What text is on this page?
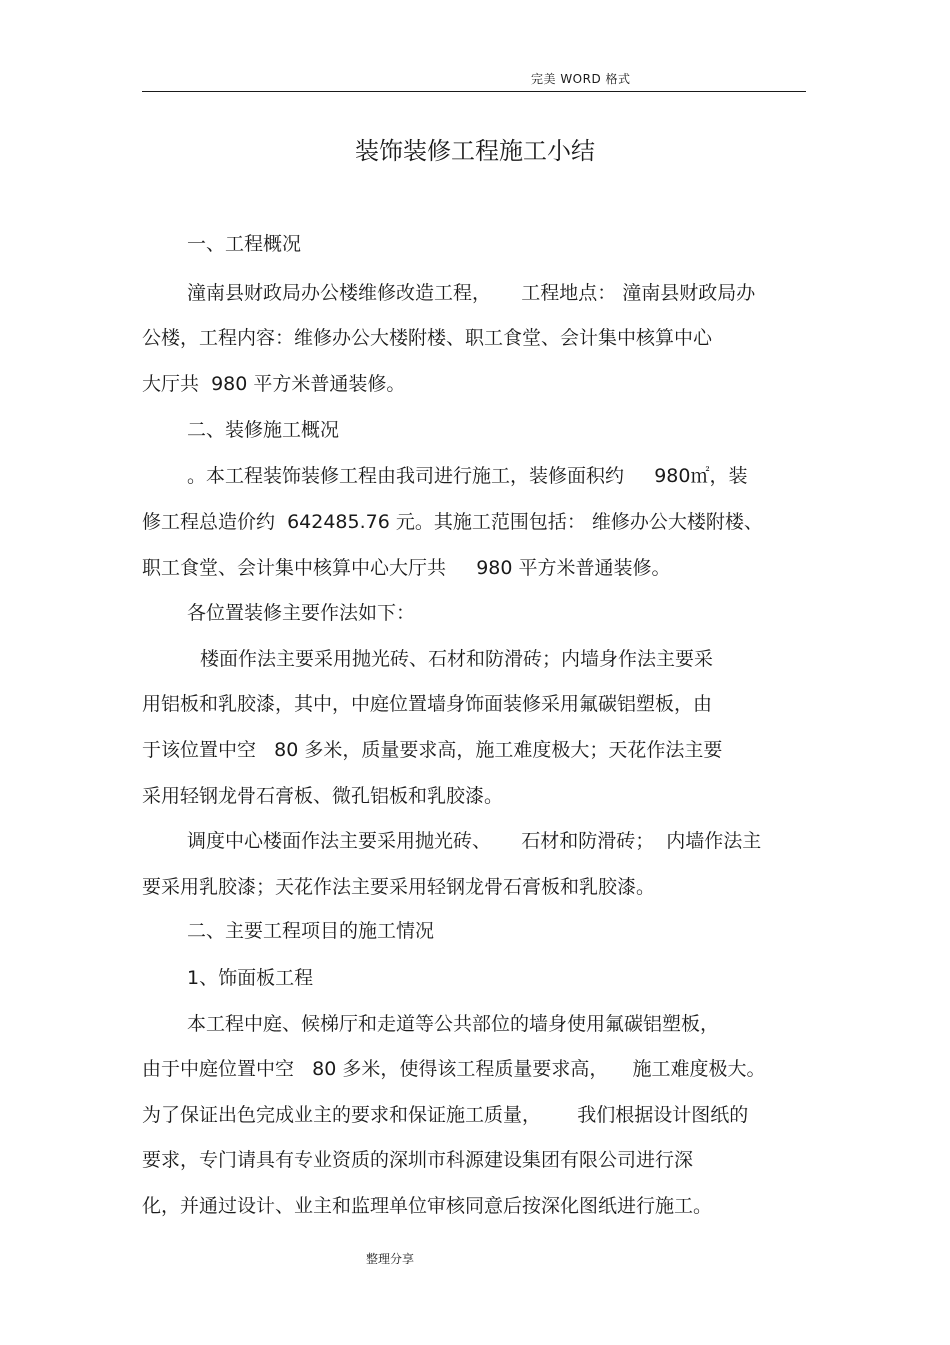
完美 WORD 格式
装饰装修工程施工小结
一、工程概况
潼南县财政局办公楼维修改造工程，     工程地点： 潼南县财政局办
公楼，工程内容：维修办公大楼附楼、职工食堂、会计集中核算中心
大厅共  980 平方米普通装修。
二、装修施工概况
。本工程装饰装修工程由我司进行施工，装修面积约     980㎡，装
修工程总造价约  642485.76 元。其施工范围包括： 维修办公大楼附楼、
职工食堂、会计集中核算中心大厅共     980 平方米普通装修。
各位置装修主要作法如下：
楼面作法主要采用抛光砖、石材和防滑砖；内墙身作法主要采
用铝板和乳胶漆，其中，中庭位置墙身饰面装修采用氟碳铝塑板，由
于该位置中空   80 多米，质量要求高，施工难度极大；天花作法主要
采用轻钢龙骨石膏板、微孔铝板和乳胶漆。
调度中心楼面作法主要采用抛光砖、     石材和防滑砖；  内墙作法主
要采用乳胶漆；天花作法主要采用轻钢龙骨石膏板和乳胶漆。
二、主要工程项目的施工情况
1、饰面板工程
本工程中庭、候梯厅和走道等公共部位的墙身使用氟碳铝塑板，
由于中庭位置中空   80 多米，使得该工程质量要求高，    施工难度极大。
为了保证出色完成业主的要求和保证施工质量，      我们根据设计图纸的
要求，专门请具有专业资质的深圳市科源建设集团有限公司进行深
化，并通过设计、业主和监理单位审核同意后按深化图纸进行施工。
整理分享
